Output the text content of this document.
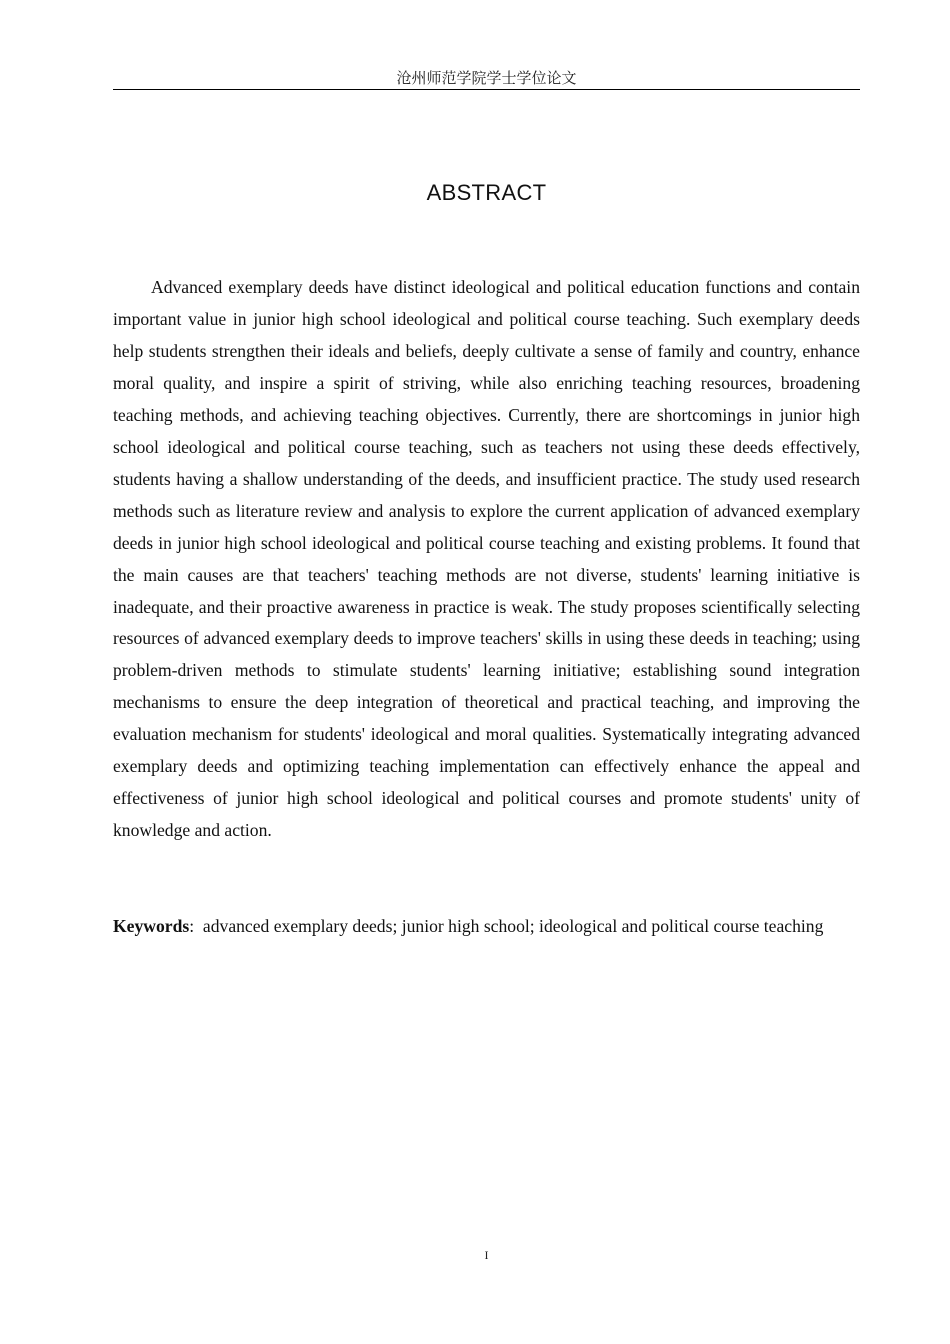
沧州师范学院学士学位论文
ABSTRACT

Advanced exemplary deeds have distinct ideological and political education functions and contain important value in junior high school ideological and political course teaching. Such exemplary deeds help students strengthen their ideals and beliefs, deeply cultivate a sense of family and country, enhance moral quality, and inspire a spirit of striving, while also enriching teaching resources, broadening teaching methods, and achieving teaching objectives. Currently, there are shortcomings in junior high school ideological and political course teaching, such as teachers not using these deeds effectively, students having a shallow understanding of the deeds, and insufficient practice. The study used research methods such as literature review and analysis to explore the current application of advanced exemplary deeds in junior high school ideological and political course teaching and existing problems. It found that the main causes are that teachers' teaching methods are not diverse, students' learning initiative is inadequate, and their proactive awareness in practice is weak. The study proposes scientifically selecting resources of advanced exemplary deeds to improve teachers' skills in using these deeds in teaching; using problem-driven methods to stimulate students' learning initiative; establishing sound integration mechanisms to ensure the deep integration of theoretical and practical teaching, and improving the evaluation mechanism for students' ideological and moral qualities. Systematically integrating advanced exemplary deeds and optimizing teaching implementation can effectively enhance the appeal and effectiveness of junior high school ideological and political courses and promote students' unity of knowledge and action.

Keywords: advanced exemplary deeds; junior high school; ideological and political course teaching

I
